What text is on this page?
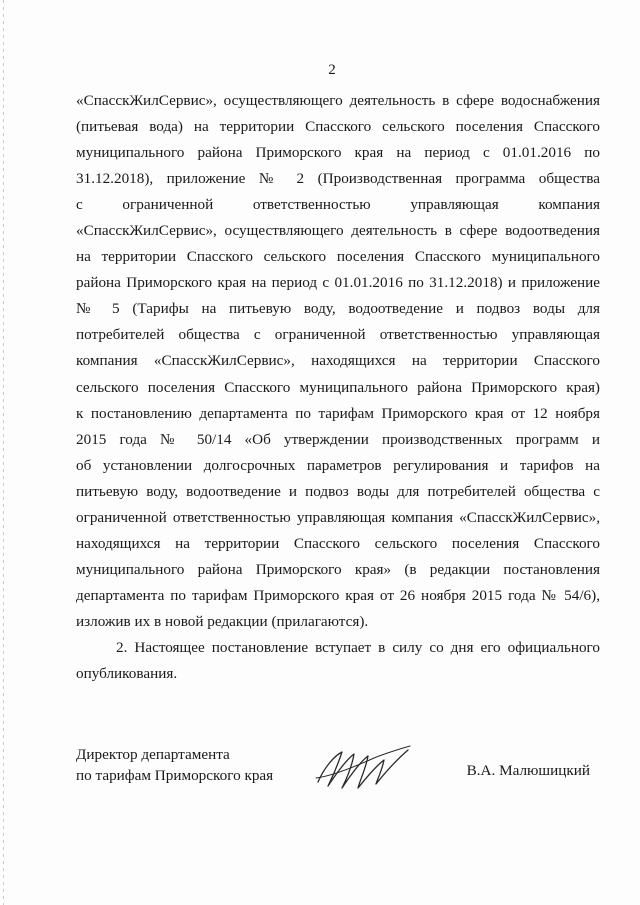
2
«СпасскЖилСервис», осуществляющего деятельность в сфере водоснабжения
(питьевая вода) на территории Спасского сельского поселения Спасского
муниципального района Приморского края на период с 01.01.2016 по
31.12.2018), приложение № 2 (Производственная программа общества
с ограниченной ответственностью управляющая компания
«СпасскЖилСервис», осуществляющего деятельность в сфере водоотведения
на территории Спасского сельского поселения Спасского муниципального
района Приморского края на период с 01.01.2016 по 31.12.2018) и приложение
№ 5 (Тарифы на питьевую воду, водоотведение и подвоз воды для
потребителей общества с ограниченной ответственностью управляющая
компания «СпасскЖилСервис», находящихся на территории Спасского
сельского поселения Спасского муниципального района Приморского края)
к постановлению департамента по тарифам Приморского края от 12 ноября
2015 года № 50/14 «Об утверждении производственных программ и
об установлении долгосрочных параметров регулирования и тарифов на
питьевую воду, водоотведение и подвоз воды для потребителей общества с
ограниченной ответственностью управляющая компания «СпасскЖилСервис»,
находящихся на территории Спасского сельского поселения Спасского
муниципального района Приморского края» (в редакции постановления
департамента по тарифам Приморского края от 26 ноября 2015 года № 54/6),
изложив их в новой редакции (прилагаются).
2. Настоящее постановление вступает в силу со дня его официального
опубликования.
Директор департамента
по тарифам Приморского края	В.А. Малюшицкий
